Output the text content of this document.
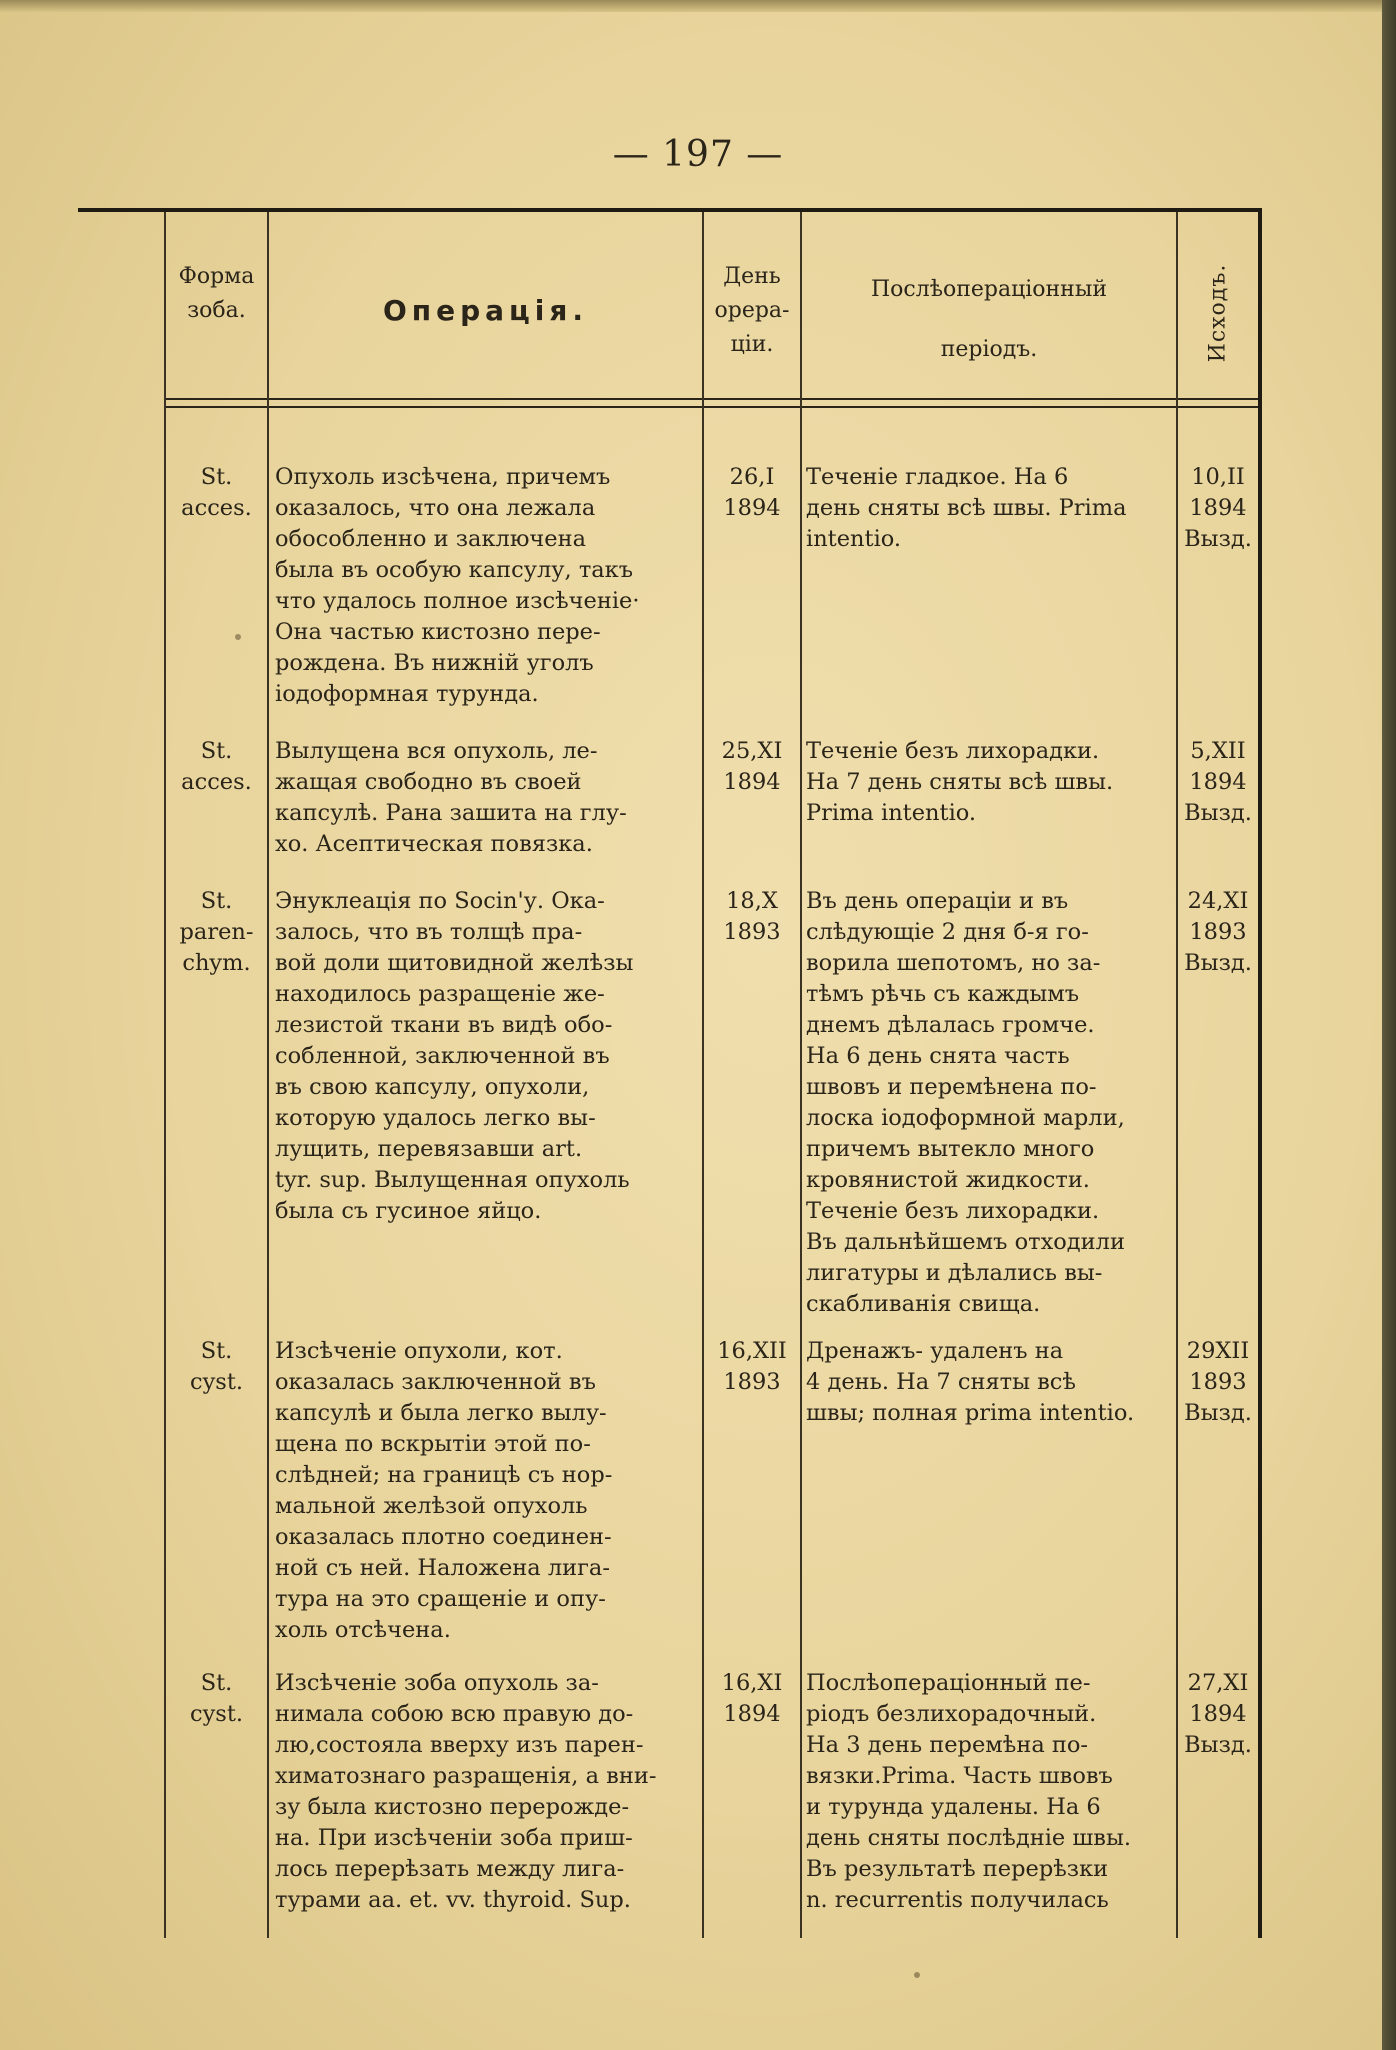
— 197 —
Форма
зоба.	Операція.
День
opера-
ціи.
Послѣопераціонный
періодъ.	Исходъ.
St.
acces.
Опухоль изсѣчена, причемъ
оказалось, что она лежала
обособленно и заключена
была въ особую капсулу, такъ
что удалось полное изсѣченіе·
Она частью кистозно пере-
рождена. Въ нижній уголъ
iодоформная турунда.
26,I
1894
Теченіе гладкое. На 6
день сняты всѣ швы. Prima
intentio.
10,II
1894
Вызд.
St.
acces.
Вылущена вся опухоль, ле-
жащая свободно въ своей
капсулѣ. Рана зашита на глу-
хо. Асептическая повязка.
25,XI
1894
Теченіе безъ лихорадки.
На 7 день сняты всѣ швы.
Prima intentio.
5,XII
1894
Вызд.
St.
paren-
chym.
Энуклеація по Socin'у. Ока-
залось, что въ толщѣ пра-
вой доли щитовидной желѣзы
находилось разращеніе же-
лезистой ткани въ видѣ обо-
собленной, заключенной въ
въ свою капсулу, опухоли,
которую удалось легко вы-
лущить, перевязавши art.
tyr. sup. Вылущенная опухоль
была съ гусиное яйцо.
18,X
1893
Въ день операціи и въ
слѣдующіе 2 дня б-я го-
ворила шепотомъ, но за-
тѣмъ рѣчь съ каждымъ
днемъ дѣлалась громче.
На 6 день снята часть
швовъ и перемѣнена по-
лоска iодоформной марли,
причемъ вытекло много
кровянистой жидкости.
Теченіе безъ лихорадки.
Въ дальнѣйшемъ отходили
лигатуры и дѣлались вы-
скабливанія свища.
24,XI
1893
Вызд.
St.
cyst.
Изсѣченіе опухоли, кот.
оказалась заключенной въ
капсулѣ и была легко вылу-
щена по вскрытіи этой по-
слѣдней; на границѣ съ нор-
мальной желѣзой опухоль
оказалась плотно соединен-
ной съ ней. Наложена лига-
тура на это сращеніе и опу-
холь отсѣчена.
16,XII
1893
Дренажъ- удаленъ на
4 день. На 7 сняты всѣ
швы; полная prima intentio.
29XII
1893
Вызд.
St.
cyst.
Изсѣченіе зоба опухоль за-
нимала собою всю правую до-
лю,состояла вверху изъ парен-
химатознаго разращенія, а вни-
зу была кистозно перерожде-
на. При изсѣченіи зоба приш-
лось перерѣзать между лига-
турами aa. et. vv. thyroid. Sup.
16,XI
1894
Послѣопераціонный пе-
ріодъ безлихорадочный.
На 3 день перемѣна по-
вязки.Prima. Часть швовъ
и турунда удалены. На 6
день сняты послѣдніе швы.
Въ результатѣ перерѣзки
n. recurrentis получилась
27,XI
1894
Вызд.
